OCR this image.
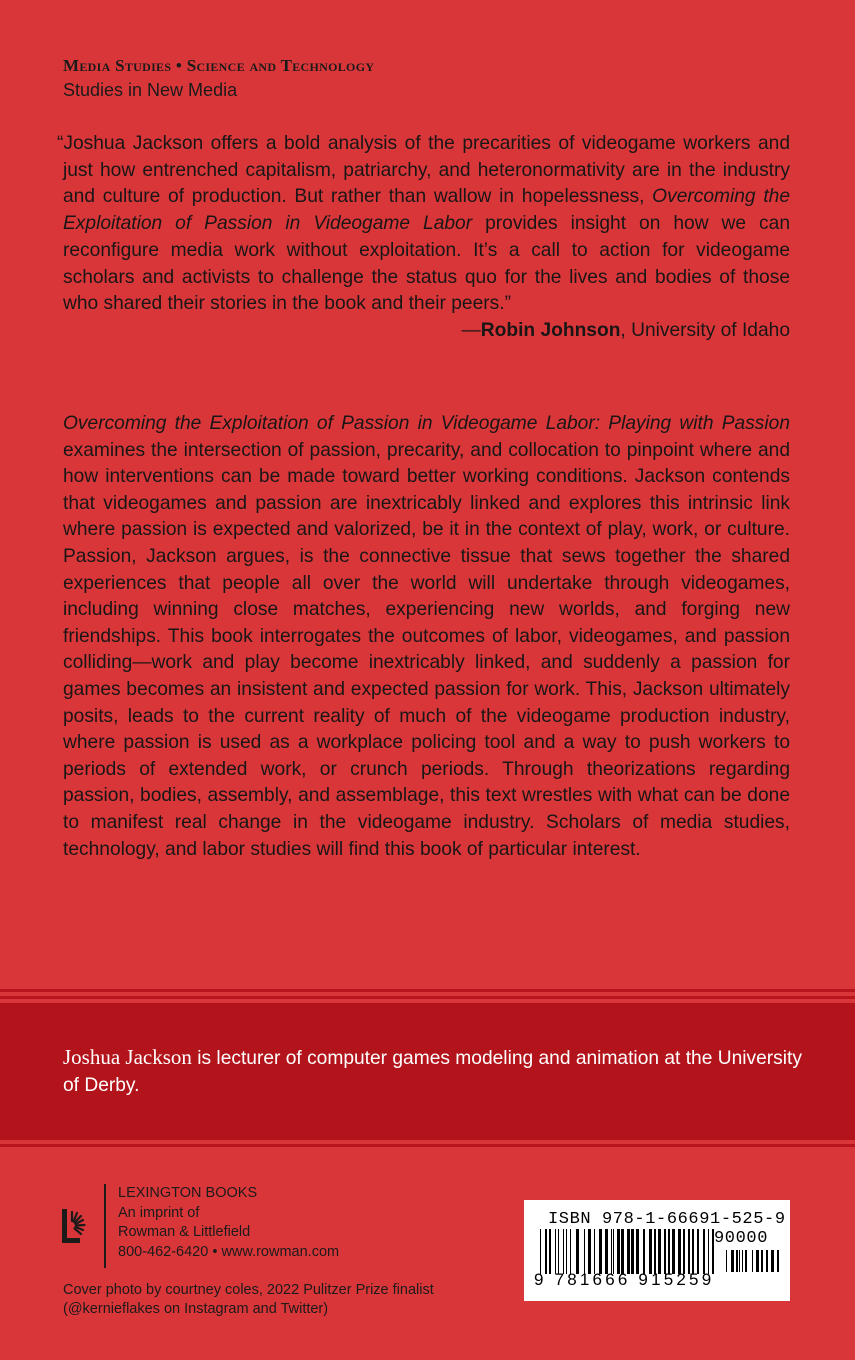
Media Studies • Science and Technology
Studies in New Media
“Joshua Jackson offers a bold analysis of the precarities of videogame workers and just how entrenched capitalism, patriarchy, and heteronormativity are in the industry and culture of production. But rather than wallow in hopelessness, Overcoming the Exploitation of Passion in Videogame Labor provides insight on how we can reconfigure media work without exploitation. It’s a call to action for videogame scholars and activists to challenge the status quo for the lives and bodies of those who shared their stories in the book and their peers.”
—Robin Johnson, University of Idaho
Overcoming the Exploitation of Passion in Videogame Labor: Playing with Passion examines the intersection of passion, precarity, and collocation to pinpoint where and how interventions can be made toward better working conditions. Jackson contends that videogames and passion are inextricably linked and explores this intrinsic link where passion is expected and valorized, be it in the context of play, work, or culture. Passion, Jackson argues, is the connective tissue that sews together the shared experiences that people all over the world will undertake through videogames, including winning close matches, experiencing new worlds, and forging new friendships. This book interrogates the outcomes of labor, videogames, and passion colliding—work and play become inextricably linked, and suddenly a passion for games becomes an insistent and expected passion for work. This, Jackson ultimately posits, leads to the current reality of much of the videogame production industry, where passion is used as a workplace policing tool and a way to push workers to periods of extended work, or crunch periods. Through theorizations regarding passion, bodies, assembly, and assemblage, this text wrestles with what can be done to manifest real change in the videogame industry. Scholars of media studies, technology, and labor studies will find this book of particular interest.
Joshua Jackson is lecturer of computer games modeling and animation at the University of Derby.
LEXINGTON BOOKS
An imprint of
Rowman & Littlefield
800-462-6420 • www.rowman.com
Cover photo by courtney coles, 2022 Pulitzer Prize finalist
(@kernieflakes on Instagram and Twitter)
ISBN 978-1-66691-525-9
90000
9 781666 915259
